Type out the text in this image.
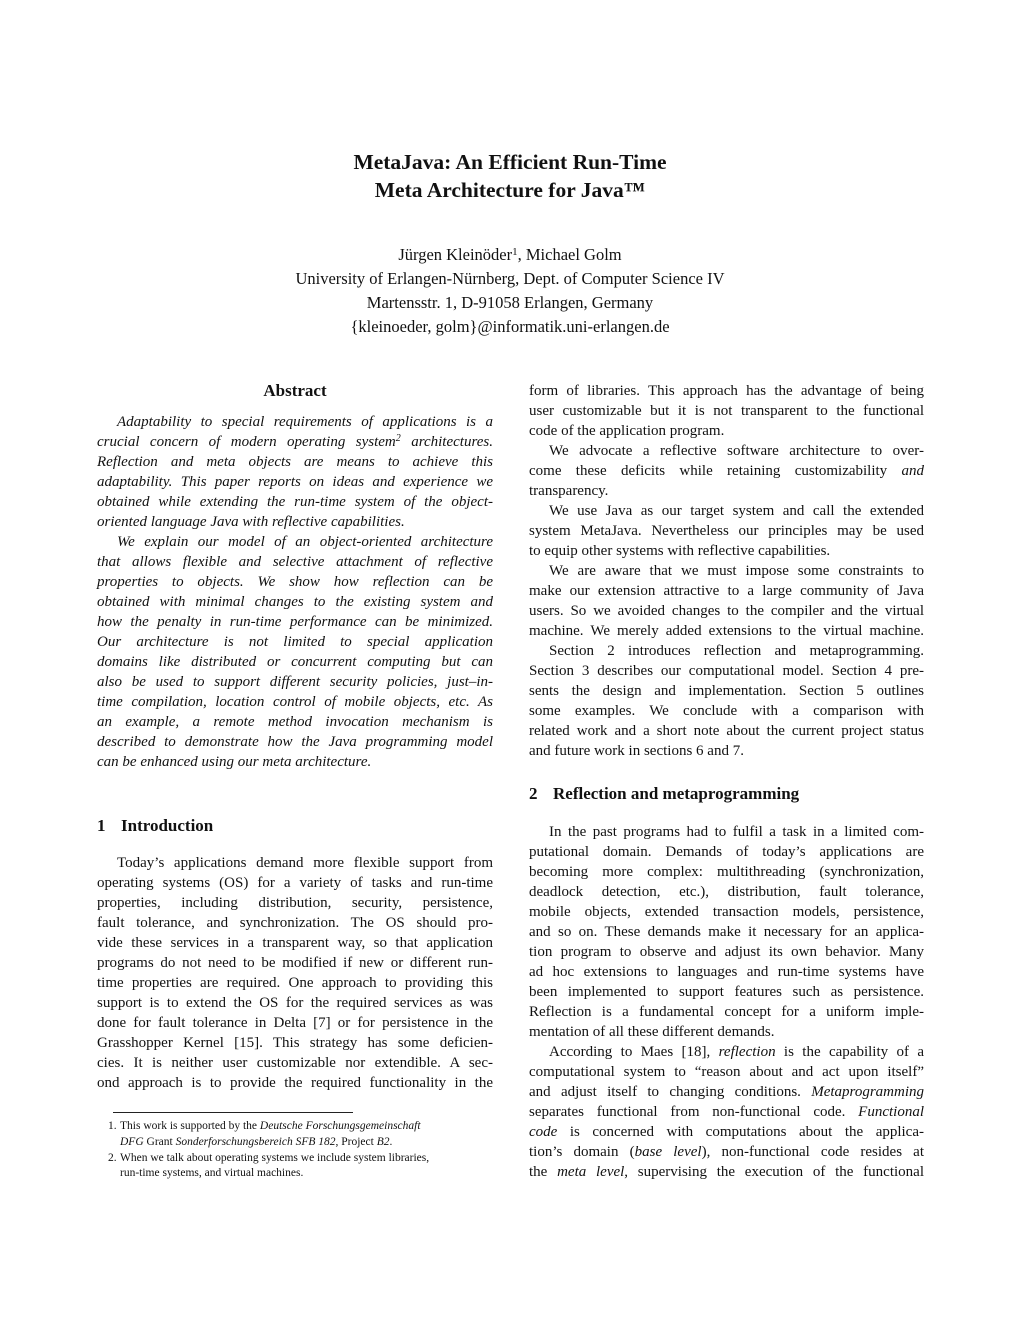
MetaJava: An Efficient Run-Time
Meta Architecture for Java™
Jürgen Kleinöder$^1$, Michael Golm
University of Erlangen-Nürnberg, Dept. of Computer Science IV
Martensstr. 1, D-91058 Erlangen, Germany
{kleinoeder, golm}@informatik.uni-erlangen.de
Abstract
Adaptability to special requirements of applications is a
crucial concern of modern operating system$^2$ architectures.
Reflection and meta objects are means to achieve this
adaptability. This paper reports on ideas and experience we
obtained while extending the run-time system of the object-
oriented language Java with reflective capabilities.
We explain our model of an object-oriented architecture
that allows flexible and selective attachment of reflective
properties to objects. We show how reflection can be
obtained with minimal changes to the existing system and
how the penalty in run-time performance can be minimized.
Our architecture is not limited to special application
domains like distributed or concurrent computing but can
also be used to support different security policies, just–in-
time compilation, location control of mobile objects, etc. As
an example, a remote method invocation mechanism is
described to demonstrate how the Java programming model
can be enhanced using our meta architecture.
1 Introduction
Today’s applications demand more flexible support from
operating systems (OS) for a variety of tasks and run-time
properties, including distribution, security, persistence,
fault tolerance, and synchronization. The OS should pro-
vide these services in a transparent way, so that application
programs do not need to be modified if new or different run-
time properties are required. One approach to providing this
support is to extend the OS for the required services as was
done for fault tolerance in Delta [7] or for persistence in the
Grasshopper Kernel [15]. This strategy has some deficien-
cies. It is neither user customizable nor extendible. A sec-
ond approach is to provide the required functionality in the
1. This work is supported by the Deutsche Forschungsgemeinschaft
DFG Grant Sonderforschungsbereich SFB 182, Project B2.
2. When we talk about operating systems we include system libraries,
run-time systems, and virtual machines.
form of libraries. This approach has the advantage of being
user customizable but it is not transparent to the functional
code of the application program.
We advocate a reflective software architecture to over-
come these deficits while retaining customizability and
transparency.
We use Java as our target system and call the extended
system MetaJava. Nevertheless our principles may be used
to equip other systems with reflective capabilities.
We are aware that we must impose some constraints to
make our extension attractive to a large community of Java
users. So we avoided changes to the compiler and the virtual
machine. We merely added extensions to the virtual machine.
Section 2 introduces reflection and metaprogramming.
Section 3 describes our computational model. Section 4 pre-
sents the design and implementation. Section 5 outlines
some examples. We conclude with a comparison with
related work and a short note about the current project status
and future work in sections 6 and 7.
2 Reflection and metaprogramming
In the past programs had to fulfil a task in a limited com-
putational domain. Demands of today’s applications are
becoming more complex: multithreading (synchronization,
deadlock detection, etc.), distribution, fault tolerance,
mobile objects, extended transaction models, persistence,
and so on. These demands make it necessary for an applica-
tion program to observe and adjust its own behavior. Many
ad hoc extensions to languages and run-time systems have
been implemented to support features such as persistence.
Reflection is a fundamental concept for a uniform imple-
mentation of all these different demands.
According to Maes [18], reflection is the capability of a
computational system to “reason about and act upon itself”
and adjust itself to changing conditions. Metaprogramming
separates functional from non-functional code. Functional
code is concerned with computations about the applica-
tion’s domain (base level), non-functional code resides at
the meta level, supervising the execution of the functional
